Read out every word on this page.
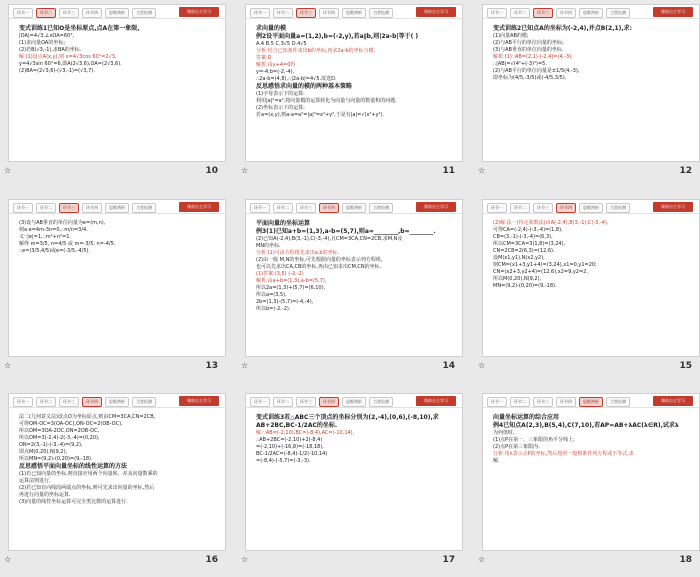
环节一	环节二	环节三	环节四	思维辨析	当堂检测	课前自主学习
变式训练1已知O是坐标原点,点A在第一象限,
|OA|=4√3,∠xOA=60°,
(1)求向量OA的坐标;
(2)若B(√3,-1),求BA的坐标.
解 (1)设点A(x,y),则 x=4√3cos 60°=2√3,
y=4√3sin 60°=6,即A(2√3,6),OA=(2√3,6).
(2)BA=(2√3,6)-(√3,-1)=(√3,7).
☆	10
环节一	环节二	环节三	环节四	思维辨析	当堂检测	课前自主学习
求向量的模
例2设平面向量a=(1,2),b=(-2,y),若a∥b,则|2a-b|等于( )
A.4 B.5 C.3√5 D.4√5
分析:结合已知条件求出b的坐标,再求2a-b的坐标与模.
答案:D
解析:由y+4=0得
y=-4,b=(-2,-4),
∴2a-b=(4,8),∴|2a-b|=4√5.故选D.
反思感悟求向量的模的两种基本策略
(1)字母表示下的运算:
利用|a|²=a²,将向量模的运算转化为向量与向量的数量积的问题.
(2)坐标表示下的运算:
若a=(x,y),则a·a=a²=|a|²=x²+y²,于是有|a|=√(x²+y²).
☆	11
环节一	环节二	环节三	环节四	思维辨析	当堂检测	课前自主学习
变式训练2已知点A的坐标为(-2,4),并点B(2,1),求:
(1)向量AB的模;
(2)与AB平行的单位向量的坐标;
(3)与AB垂直的单位向量的坐标.
解析:(1)∵AB=(2,1)-(-2,4)=(4,-3),
∴|AB|=√(4²+(-3)²)=5.
(2)与AB平行的单位向量是±1/5(4,-3),
即坐标为(4/5,-3/5)或(-4/5,3/5).
☆	12
环节一	环节二	环节三	环节四	思维辨析	当堂检测	课前自主学习
(3)设与AB垂直的单位向量为e=(m,n),
则a·e=4m-3n=0,∴m/n=3/4.
又∵|e|=1,∴m²+n²=1.
解得 m=3/5, n=4/5 或 m=-3/5, n=-4/5.
∴e=(3/5,4/5)或e=(-3/5,-4/5).
☆	13
环节一	环节二	环节三	环节四	思维辨析	当堂检测	课前自主学习
平面向量的坐标运算
例3(1)已知a+b=(1,3),a-b=(5,7),则a=________,b=________.
(2)已知A(-2,4),B(3,-1),C(-3,-4),且CM=3CA,CN=2CB,求M,N及
MN的坐标.
分析:(1)可由方程组先求出a,b的坐标.
(2)由一般 M,N的坐标,可先根据向量的坐标表示列方程组,
也可以先求出CA,CB的坐标,再由已知求出CM,CN的坐标.
(1)答案:(3,5) (-2,-2)
解析:由a+b=(1,3),a-b=(5,7),
所以2a=(1,3)+(5,7)=(6,10),
所以a=(3,5),
2b=(1,3)-(5,7)=(-4,-4),
所以b=(-2,-2).
☆	14
环节一	环节二	环节三	环节四	思维辨析	当堂检测	课前自主学习
(2)解 法一(待定系数法)由A(-2,4),B(3,-1),C(-3,-4),
可得CA=(-2,4)-(-3,-4)=(1,8),
CB=(3,-1)-(-3,-4)=(6,3),
所以CM=3CA=3(1,8)=(3,24),
CN=2CB=2(6,3)=(12,6).
设M(x1,y1),N(x2,y2),
则CM=(x1+3,y1+4)=(3,24),x1=0,y1=20;
CN=(x2+3,y2+4)=(12,6),x2=9,y2=2,
所以M(0,20),N(9,2),
MN=(9,2)-(0,20)=(9,-18).
☆	15
环节一	环节二	环节三	环节四	思维辨析	当堂检测	课前自主学习
法二(几何意义法)设点O为坐标原点,则由CM=3CA,CN=2CB,
可得OM-OC=3(OA-OC),ON-OC=2(OB-OC),
所以OM=3OA-2OC,ON=2OB-OC,
所以OM=3(-2,4)-2(-3,-4)=(0,20),
ON=2(3,-1)-(-3,-4)=(9,2),
即点M(0,20),N(9,2),
所以MN=(9,2)-(0,20)=(9,-18).
反思感悟平面向量坐标的线性运算的方法
(1)若已知向量的坐标,则直接应用两个向量和、差及向量数乘的
运算法则进行.
(2)若已知有向线段两端点的坐标,则可先求出向量的坐标,然后
再进行向量的坐标运算.
(3)向量的线性坐标运算可完全类比数的运算进行.
☆	16
环节一	环节二	环节三	环节四	思维辨析	当堂检测	课前自主学习
变式训练3若△ABC三个顶点的坐标分别为(2,-4),(0,6),(-8,10),求
AB+2BC,BC-1/2AC的坐标.
解:∵AB=(-2,10),BC=(-8,4),AC=(-10,14),
∴AB+2BC=(-2,10)+2(-8,4)
=(-2,10)+(-16,8)=(-18,18),
BC-1/2AC=(-8,4)-1/2(-10,14)
=(-8,4)-(-5,7)=(-3,-3).
☆	17
环节一	环节二	环节三	环节四	思维辨析	当堂检测	课前自主学习
向量坐标运算的综合应用
例4已知点A(2,3),B(5,4),C(7,10),若AP=AB+λAC(λ∈R),试求λ
为何值时,
(1)点P在第一、三象限的角平分线上;
(2)点P在第三象限内.
分析:用λ表示点P的坐标,然后按照一般格条件列方程或不等式,求
解.
☆	18
